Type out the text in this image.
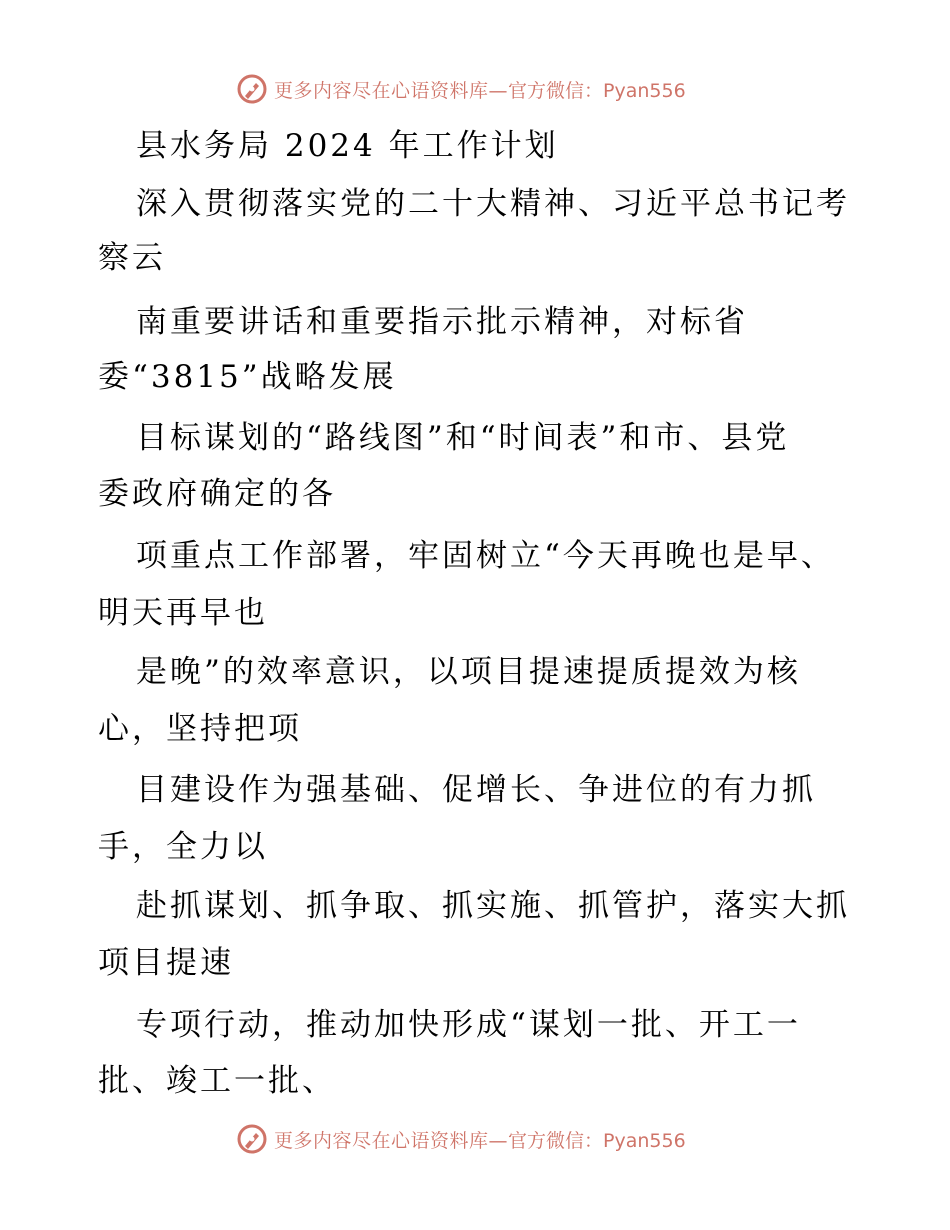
更多内容尽在心语资料库— 官方微信：Pyan556
县水务局 2024 年工作计划
深入贯彻落实党的二十大精神、习近平总书记考
察云
南重要讲话和重要指示批示精神，对标省
委“3815”战略发展
目标谋划的“路线图”和“时间表”和市、县党
委政府确定的各
项重点工作部署，牢固树立“今天再晚也是早、
明天再早也
是晚”的效率意识，以项目提速提质提效为核
心，坚持把项
目建设作为强基础、促增长、争进位的有力抓
手，全力以
赴抓谋划、抓争取、抓实施、抓管护，落实大抓
项目提速
专项行动，推动加快形成“谋划一批、开工一
批、竣工一批、
更多内容尽在心语资料库— 官方微信：Pyan556
